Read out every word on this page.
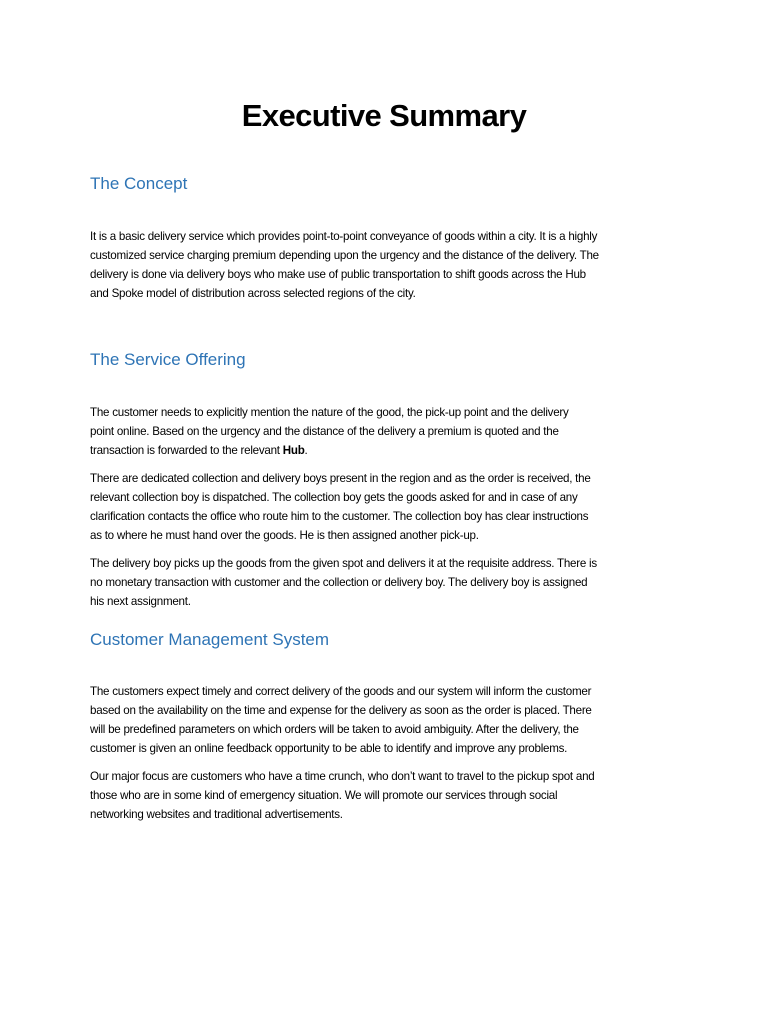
Executive Summary
The Concept

It is a basic delivery service which provides point-to-point conveyance of goods within a city. It is a highly
customized service charging premium depending upon the urgency and the distance of the delivery. The
delivery is done via delivery boys who make use of public transportation to shift goods across the Hub
and Spoke model of distribution across selected regions of the city.

The Service Offering

The customer needs to explicitly mention the nature of the good, the pick-up point and the delivery
point online. Based on the urgency and the distance of the delivery a premium is quoted and the
transaction is forwarded to the relevant Hub.

There are dedicated collection and delivery boys present in the region and as the order is received, the
relevant collection boy is dispatched. The collection boy gets the goods asked for and in case of any
clarification contacts the office who route him to the customer. The collection boy has clear instructions
as to where he must hand over the goods. He is then assigned another pick-up.

The delivery boy picks up the goods from the given spot and delivers it at the requisite address. There is
no monetary transaction with customer and the collection or delivery boy. The delivery boy is assigned
his next assignment.

Customer Management System

The customers expect timely and correct delivery of the goods and our system will inform the customer
based on the availability on the time and expense for the delivery as soon as the order is placed. There
will be predefined parameters on which orders will be taken to avoid ambiguity. After the delivery, the
customer is given an online feedback opportunity to be able to identify and improve any problems.

Our major focus are customers who have a time crunch, who don’t want to travel to the pickup spot and
those who are in some kind of emergency situation. We will promote our services through social
networking websites and traditional advertisements.
